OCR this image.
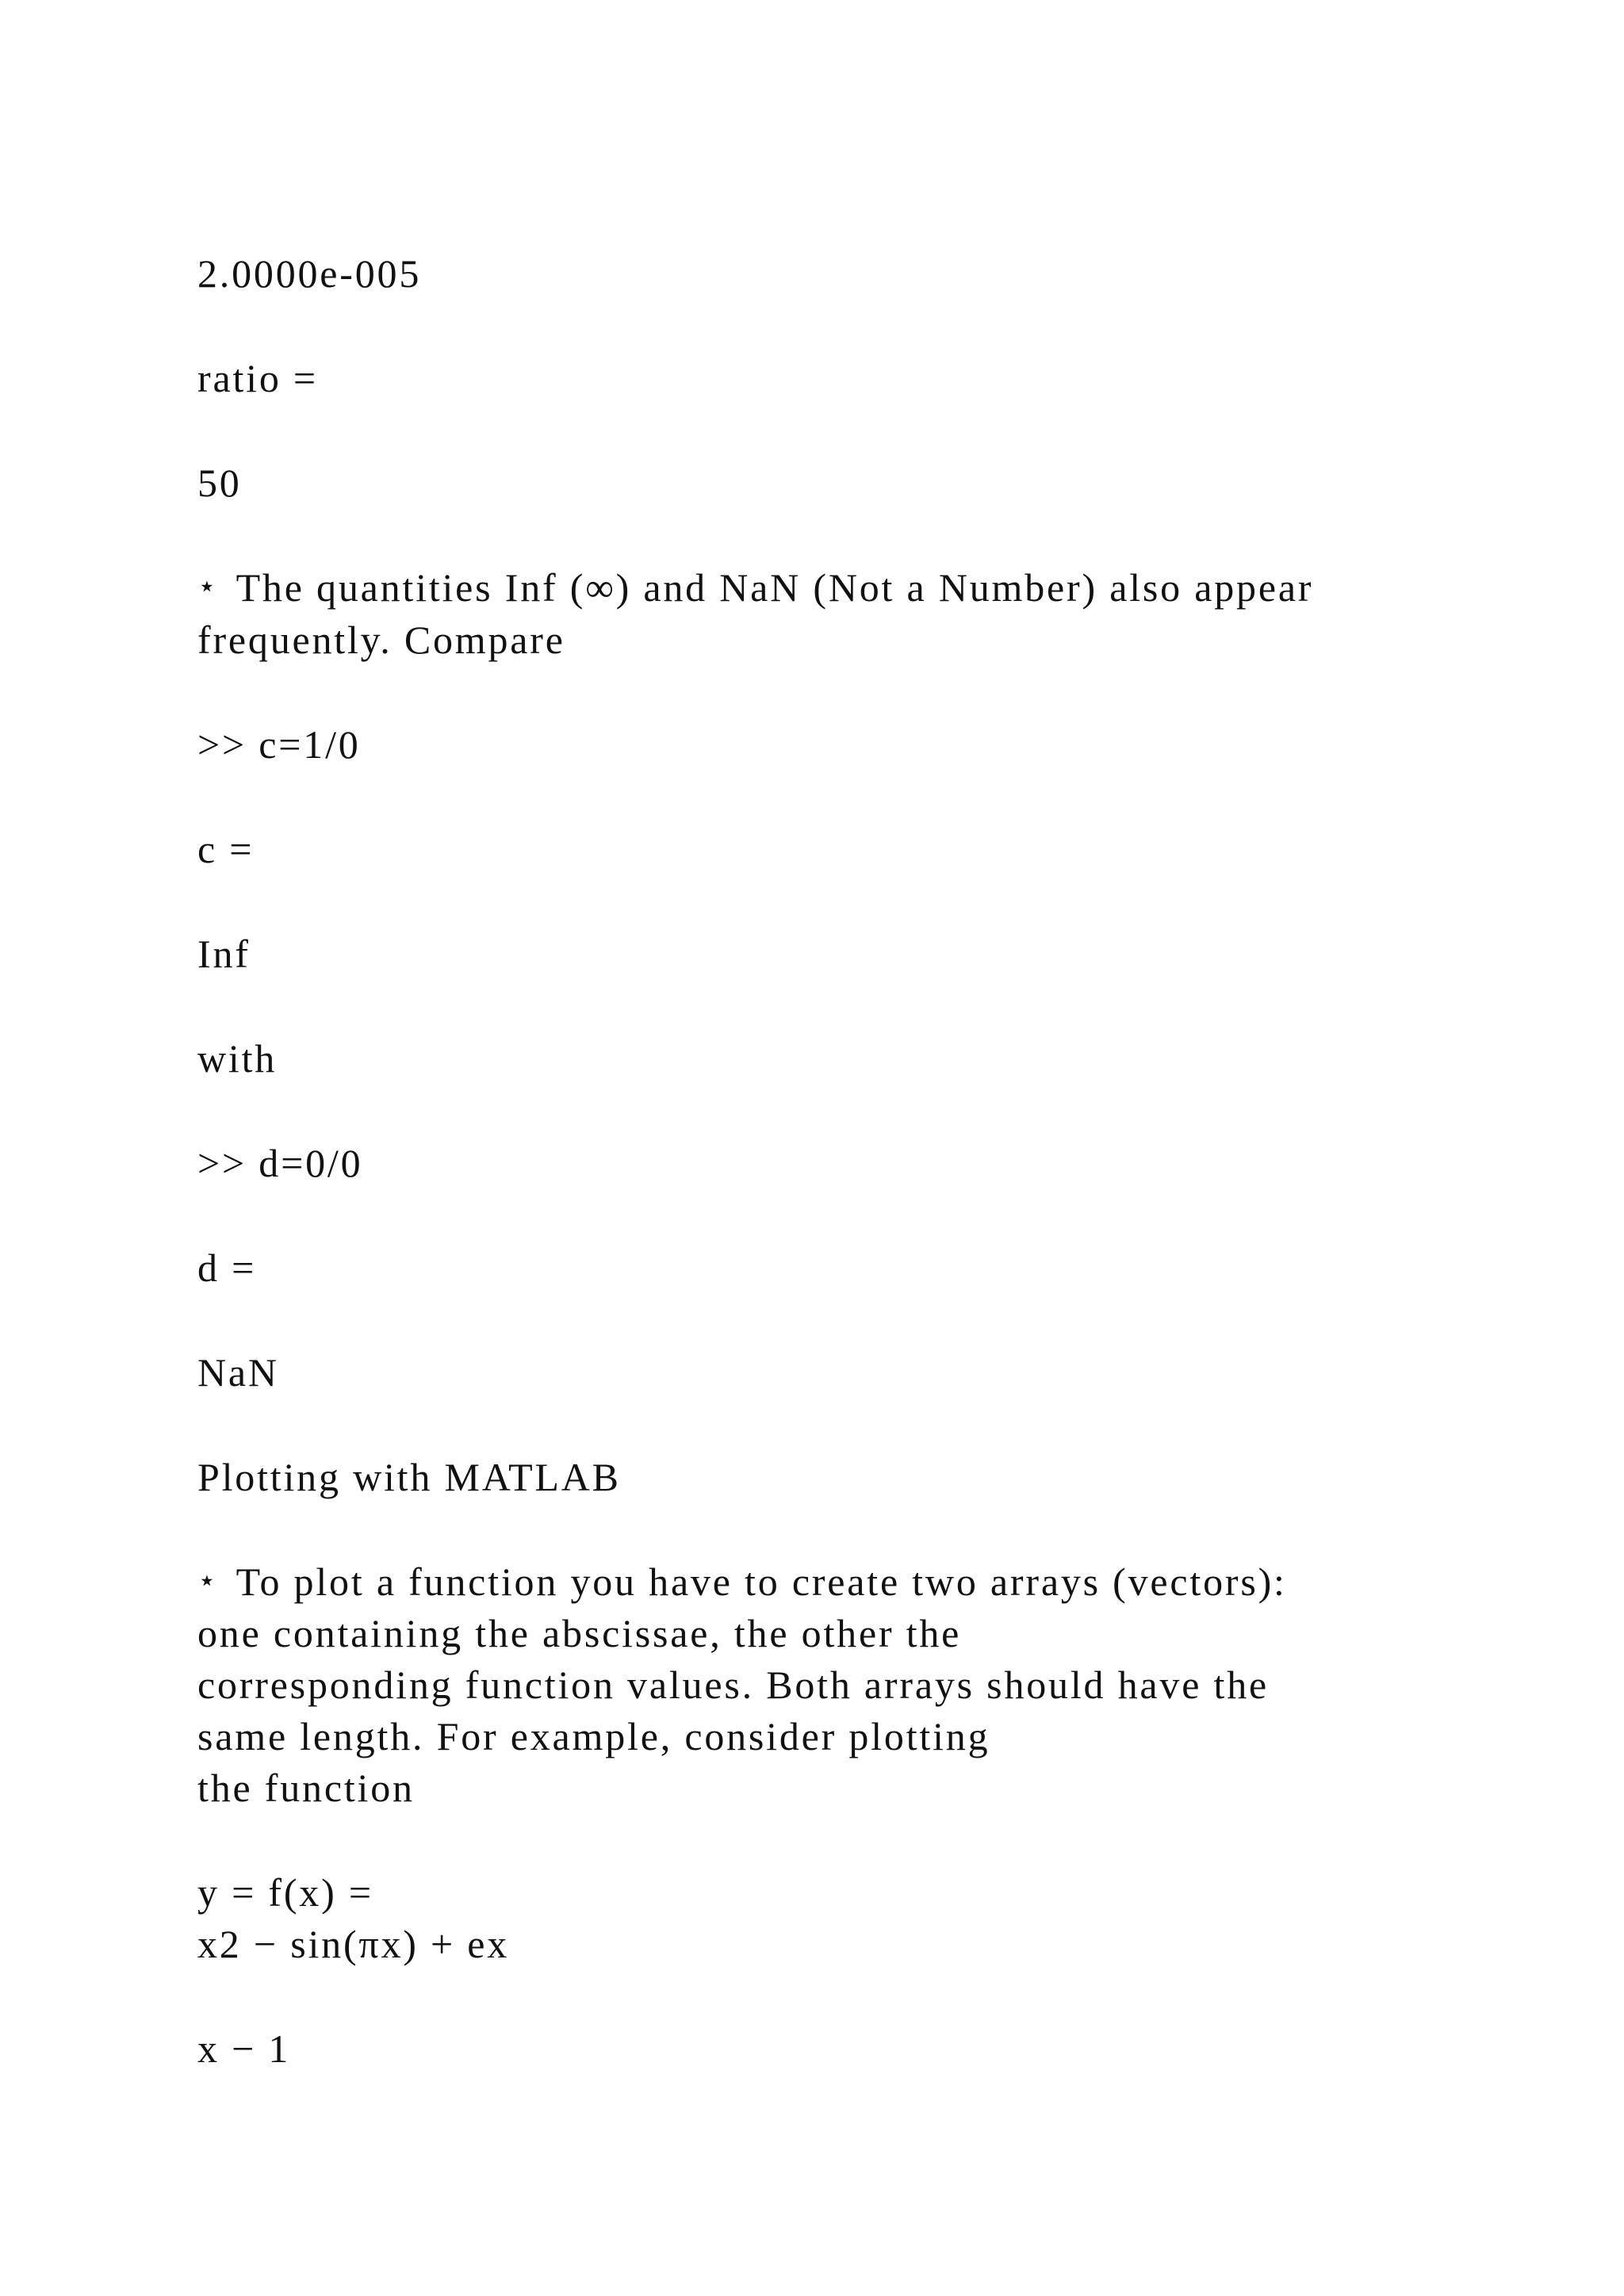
2.0000e-005
ratio =
50
⋆ The quantities Inf (∞) and NaN (Not a Number) also appear
frequently. Compare
>> c=1/0
c =
Inf
with
>> d=0/0
d =
NaN
Plotting with MATLAB
⋆ To plot a function you have to create two arrays (vectors):
one containing the abscissae, the other the
corresponding function values. Both arrays should have the
same length. For example, consider plotting
the function
y = f(x) =
x2 − sin(πx) + ex
x − 1
